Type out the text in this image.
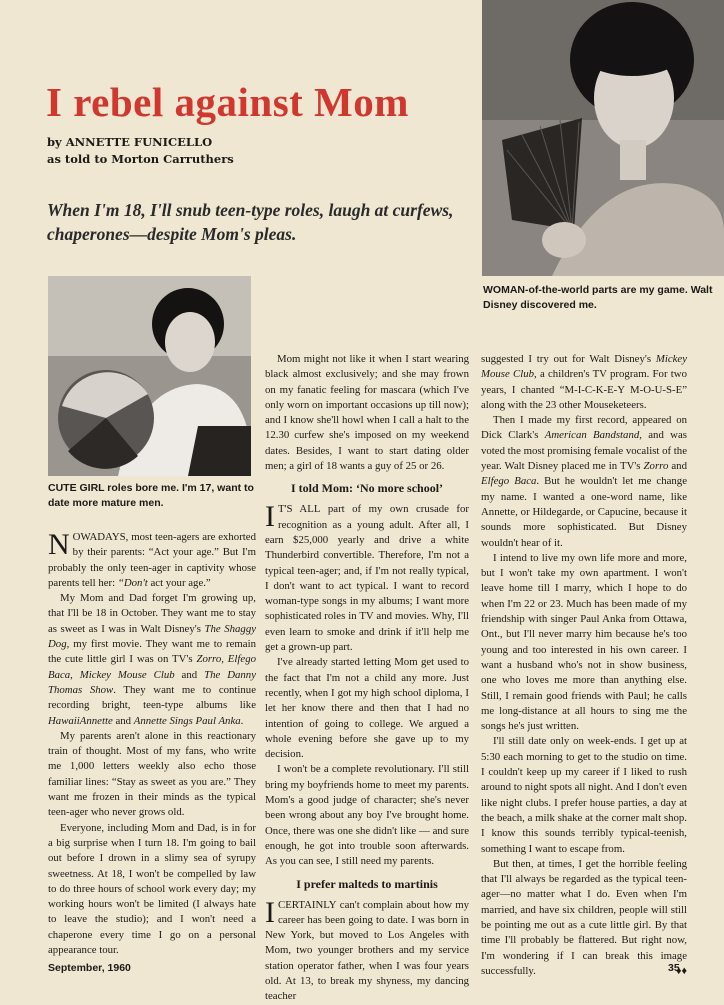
I rebel against Mom
by ANNETTE FUNICELLO
as told to Morton Carruthers
When I'm 18, I'll snub teen-type roles, laugh at curfews, chaperones—despite Mom's pleas.
WOMAN-of-the-world parts are my game. Walt Disney discovered me.
CUTE GIRL roles bore me. I'm 17, want to date more mature men.

NOWADAYS, most teen-agers are exhorted by their parents: “Act your age.” But I'm probably the only teen-ager in captivity whose parents tell her: “Don't act your age.”

My Mom and Dad forget I'm growing up, that I'll be 18 in October. They want me to stay as sweet as I was in Walt Disney's The Shaggy Dog, my first movie. They want me to remain the cute little girl I was on TV's Zorro, Elfego Baca, Mickey Mouse Club and The Danny Thomas Show. They want me to continue recording bright, teen-type albums like HawaiiAnnette and Annette Sings Paul Anka.

My parents aren't alone in this reactionary train of thought. Most of my fans, who write me 1,000 letters weekly also echo those familiar lines: “Stay as sweet as you are.” They want me frozen in their minds as the typical teen-ager who never grows old.

Everyone, including Mom and Dad, is in for a big surprise when I turn 18. I'm going to bail out before I drown in a slimy sea of syrupy sweetness. At 18, I won't be compelled by law to do three hours of school work every day; my working hours won't be limited (I always hate to leave the studio); and I won't need a chaperone every time I go on a personal appearance tour.

Mom might not like it when I start wearing black almost exclusively; and she may frown on my fanatic feeling for mascara (which I've only worn on important occasions up till now); and I know she'll howl when I call a halt to the 12.30 curfew she's imposed on my weekend dates. Besides, I want to start dating older men; a girl of 18 wants a guy of 25 or 26.

I told Mom: ‘No more school’

I T'S ALL part of my own crusade for recognition as a young adult. After all, I earn $25,000 yearly and drive a white Thunderbird convertible. Therefore, I'm not a typical teen-ager; and, if I'm not really typical, I don't want to act typical. I want to record woman-type songs in my albums; I want more sophisticated roles in TV and movies. Why, I'll even learn to smoke and drink if it'll help me get a grown-up part.

I've already started letting Mom get used to the fact that I'm not a child any more. Just recently, when I got my high school diploma, I let her know there and then that I had no intention of going to college. We argued a whole evening before she gave up to my decision.

I won't be a complete revolutionary. I'll still bring my boyfriends home to meet my parents. Mom's a good judge of character; she's never been wrong about any boy I've brought home. Once, there was one she didn't like — and sure enough, he got into trouble soon afterwards. As you can see, I still need my parents.

I prefer malteds to martinis

ICERTAINLY can't complain about how my career has been going to date. I was born in New York, but moved to Los Angeles with Mom, two younger brothers and my service station operator father, when I was four years old. At 13, to break my shyness, my dancing teacher

suggested I try out for Walt Disney's Mickey Mouse Club, a children's TV program. For two years, I chanted “M-I-C-K-E-Y M-O-U-S-E” along with the 23 other Mouseketeers.

Then I made my first record, appeared on Dick Clark's American Bandstand, and was voted the most promising female vocalist of the year. Walt Disney placed me in TV's Zorro and Elfego Baca. But he wouldn't let me change my name. I wanted a one-word name, like Annette, or Hildegarde, or Capucine, because it sounds more sophisticated. But Disney wouldn't hear of it.

I intend to live my own life more and more, but I won't take my own apartment. I won't leave home till I marry, which I hope to do when I'm 22 or 23. Much has been made of my friendship with singer Paul Anka from Ottawa, Ont., but I'll never marry him because he's too young and too interested in his own career. I want a husband who's not in show business, one who loves me more than anything else. Still, I remain good friends with Paul; he calls me long-distance at all hours to sing me the songs he's just written.

I'll still date only on week-ends. I get up at 5:30 each morning to get to the studio on time. I couldn't keep up my career if I liked to rush around to night spots all night. And I don't even like night clubs. I prefer house parties, a day at the beach, a milk shake at the corner malt shop. I know this sounds terribly typical-teenish, something I want to escape from.

But then, at times, I get the horrible feeling that I'll always be regarded as the typical teen-ager—no matter what I do. Even when I'm married, and have six children, people will still be pointing me out as a cute little girl. By that time I'll probably be flattered. But right now, I'm wondering if I can break this image successfully.	♦♦

September, 1960	35
